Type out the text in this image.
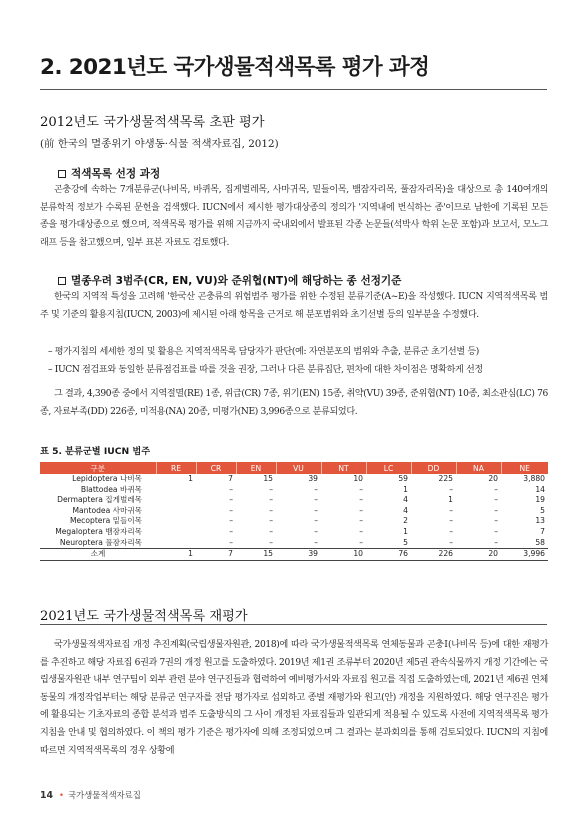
2. 2021년도 국가생물적색목록 평가 과정
2012년도 국가생물적색목록 초판 평가
(前 한국의 멸종위기 야생동·식물 적색자료집, 2012)
적색목록 선정 과정

곤충강에 속하는 7개분류군(나비목, 바퀴목, 집게벌레목, 사마귀목, 밑들이목, 뱀잠자리목, 풀잠자리목)을 대상으로 총 140여개의 분류학적 정보가 수록된 문헌을 검색했다. IUCN에서 제시한 평가대상종의 정의가 '지역내에 번식하는 종'이므로 남한에 기록된 모든 종을 평가대상종으로 했으며, 적색목록 평가를 위해 지금까지 국내외에서 발표된 각종 논문들(석박사 학위 논문 포함)과 보고서, 모노그래프 등을 참고했으며, 일부 표본 자료도 검토했다.

멸종우려 3범주(CR, EN, VU)와 준위협(NT)에 해당하는 종 선정기준

한국의 지역적 특성을 고려해 '한국산 곤충류의 위험범주 평가를 위한 수정된 분류기준(A~E)을 작성했다. IUCN 지역적색목록 범주 및 기준의 활용지침(IUCN, 2003)에 제시된 아래 항목을 근거로 해 분포범위와 초기선별 등의 일부분을 수정했다.

– 평가지침의 세세한 정의 및 활용은 지역적색목록 담당자가 판단(예: 자연분포의 범위와 추출, 분류군 초기선별 등)
– IUCN 점검표와 동일한 분류점검표를 따를 것을 권장, 그러나 다른 분류집단, 편차에 대한 차이점은 명확하게 선정

그 결과, 4,390종 중에서 지역절멸(RE) 1종, 위급(CR) 7종, 위기(EN) 15종, 취약(VU) 39종, 준위협(NT) 10종, 최소관심(LC) 76종, 자료부족(DD) 226종, 미적용(NA) 20종, 미평가(NE) 3,996종으로 분류되었다.

표 5. 분류군별 IUCN 범주
구분	RE	CR	EN	VU	NT	LC	DD	NA	NE
Lepidoptera 나비목	1	7	15	39	10	59	225	20	3,880
Blattodea 바퀴목		–	–	–	–	1	–	–	14
Dermaptera 집게벌레목		–	–	–	–	4	1	–	19
Mantodea 사마귀목		–	–	–	–	4	–	–	5
Mecoptera 밑들이목		–	–	–	–	2	–	–	13
Megaloptera 뱀잠자리목		–	–	–	–	1	–	–	7
Neuroptera 풀잠자리목		–	–	–	–	5	–	–	58
소계	1	7	15	39	10	76	226	20	3,996
2021년도 국가생물적색목록 재평가

국가생물적색자료집 개정 추진계획(국립생물자원관, 2018)에 따라 국가생물적색목록 연체동물과 곤충Ⅰ(나비목 등)에 대한 재평가를 추진하고 해당 자료집 6권과 7권의 개정 원고를 도출하였다. 2019년 제1권 조류부터 2020년 제5권 관속식물까지 개정 기간에는 국립생물자원관 내부 연구팀이 외부 관련 분야 연구진들과 협력하여 예비평가서와 자료집 원고를 직접 도출하였는데, 2021년 제6권 연체동물의 개정작업부터는 해당 분류군 연구자를 전담 평가자로 섭외하고 종별 재평가와 원고(안) 개정을 지원하였다. 해당 연구진은 평가에 활용되는 기초자료의 종합 분석과 범주 도출방식의 그 사이 개정된 자료집들과 일관되게 적용될 수 있도록 사전에 지역적색목록 평가 지침을 안내 및 협의하였다. 이 책의 평가 기준은 평가자에 의해 조정되었으며 그 결과는 분과회의를 통해 검토되었다. IUCN의 지침에 따르면 지역적색목록의 경우 상황에

14 • 국가생물적색자료집
